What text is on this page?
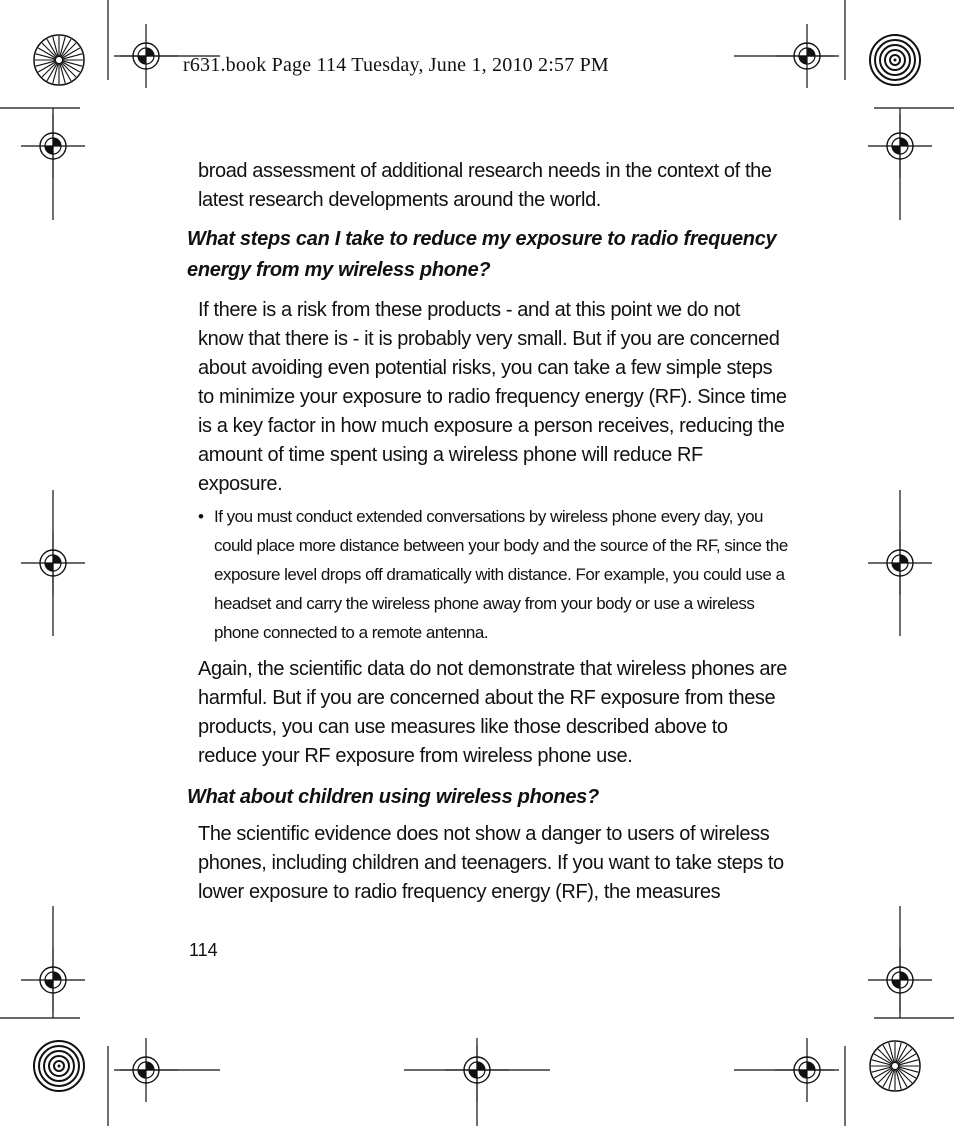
r631.book Page 114 Tuesday, June 1, 2010 2:57 PM

broad assessment of additional research needs in the context of the latest research developments around the world.

What steps can I take to reduce my exposure to radio frequency energy from my wireless phone?

If there is a risk from these products - and at this point we do not know that there is - it is probably very small. But if you are concerned about avoiding even potential risks, you can take a few simple steps to minimize your exposure to radio frequency energy (RF). Since time is a key factor in how much exposure a person receives, reducing the amount of time spent using a wireless phone will reduce RF exposure.

• If you must conduct extended conversations by wireless phone every day, you could place more distance between your body and the source of the RF, since the exposure level drops off dramatically with distance. For example, you could use a headset and carry the wireless phone away from your body or use a wireless phone connected to a remote antenna.

Again, the scientific data do not demonstrate that wireless phones are harmful. But if you are concerned about the RF exposure from these products, you can use measures like those described above to reduce your RF exposure from wireless phone use.

What about children using wireless phones?

The scientific evidence does not show a danger to users of wireless phones, including children and teenagers. If you want to take steps to lower exposure to radio frequency energy (RF), the measures

114
